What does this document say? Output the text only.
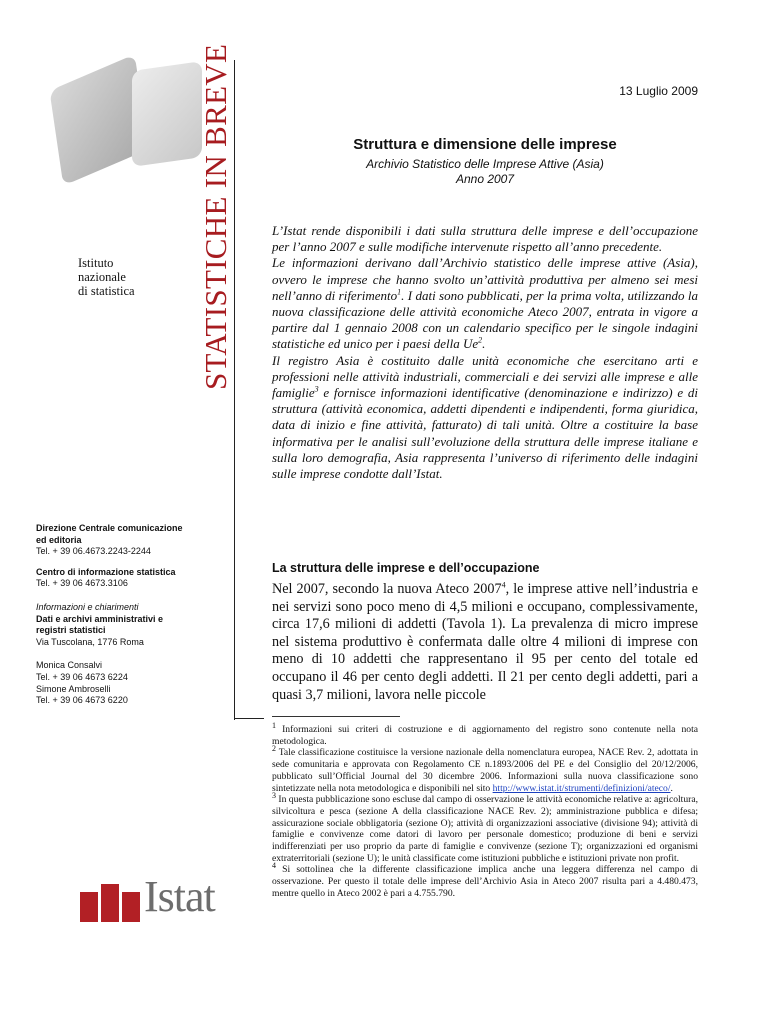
STATISTICHE IN BREVE
Istituto
nazionale
di statistica
Direzione Centrale comunicazione
ed editoria
Tel. + 39 06.4673.2243-2244
Centro di informazione statistica
Tel. + 39 06 4673.3106
Informazioni e chiarimenti
Dati e archivi amministrativi e
registri statistici
Via Tuscolana, 1776 Roma
Monica Consalvi
Tel. + 39 06 4673 6224
Simone Ambroselli
Tel. + 39 06 4673 6220
Istat
13 Luglio 2009
Struttura e dimensione delle imprese
Archivio Statistico delle Imprese Attive (Asia)
Anno 2007

L’Istat rende disponibili i dati sulla struttura delle imprese e dell’occupazione per l’anno 2007 e sulle modifiche intervenute rispetto all’anno precedente.

Le informazioni derivano dall’Archivio statistico delle imprese attive (Asia), ovvero le imprese che hanno svolto un’attività produttiva per almeno sei mesi nell’anno di riferimento$^1$. I dati sono pubblicati, per la prima volta, utilizzando la nuova classificazione delle attività economiche Ateco 2007, entrata in vigore a partire dal 1 gennaio 2008 con un calendario specifico per le singole indagini statistiche ed unico per i paesi della Ue$^2$.

Il registro Asia è costituito dalle unità economiche che esercitano arti e professioni nelle attività industriali, commerciali e dei servizi alle imprese e alle famiglie$^3$ e fornisce informazioni identificative (denominazione e indirizzo) e di struttura (attività economica, addetti dipendenti e indipendenti, forma giuridica, data di inizio e fine attività, fatturato) di tali unità. Oltre a costituire la base informativa per le analisi sull’evoluzione della struttura delle imprese italiane e sulla loro demografia, Asia rappresenta l’universo di riferimento delle indagini sulle imprese condotte dall’Istat.

La struttura delle imprese e dell’occupazione
Nel 2007, secondo la nuova Ateco 2007$^4$, le imprese attive nell’industria e nei servizi sono poco meno di 4,5 milioni e occupano, complessivamente, circa 17,6 milioni di addetti (Tavola 1). La prevalenza di micro imprese nel sistema produttivo è confermata dalle oltre 4 milioni di imprese con meno di 10 addetti che rappresentano il 95 per cento del totale ed occupano il 46 per cento degli addetti. Il 21 per cento degli addetti, pari a quasi 3,7 milioni, lavora nelle piccole

$^1$ Informazioni sui criteri di costruzione e di aggiornamento del registro sono contenute nella nota metodologica.

$^2$ Tale classificazione costituisce la versione nazionale della nomenclatura europea, NACE Rev. 2, adottata in sede comunitaria e approvata con Regolamento CE n.1893/2006 del PE e del Consiglio del 20/12/2006, pubblicato sull’Official Journal del 30 dicembre 2006. Informazioni sulla nuova classificazione sono sintetizzate nella nota metodologica e disponibili nel sito http://www.istat.it/strumenti/definizioni/ateco/.

$^3$ In questa pubblicazione sono escluse dal campo di osservazione le attività economiche relative a: agricoltura, silvicoltura e pesca (sezione A della classificazione NACE Rev. 2); amministrazione pubblica e difesa; assicurazione sociale obbligatoria (sezione O); attività di organizzazioni associative (divisione 94); attività di famiglie e convivenze come datori di lavoro per personale domestico; produzione di beni e servizi indifferenziati per uso proprio da parte di famiglie e convivenze (sezione T); organizzazioni ed organismi extraterritoriali (sezione U); le unità classificate come istituzioni pubbliche e istituzioni private non profit.

$^4$ Si sottolinea che la differente classificazione implica anche una leggera differenza nel campo di osservazione. Per questo il totale delle imprese dell’Archivio Asia in Ateco 2007 risulta pari a 4.480.473, mentre quello in Ateco 2002 è pari a 4.755.790.
